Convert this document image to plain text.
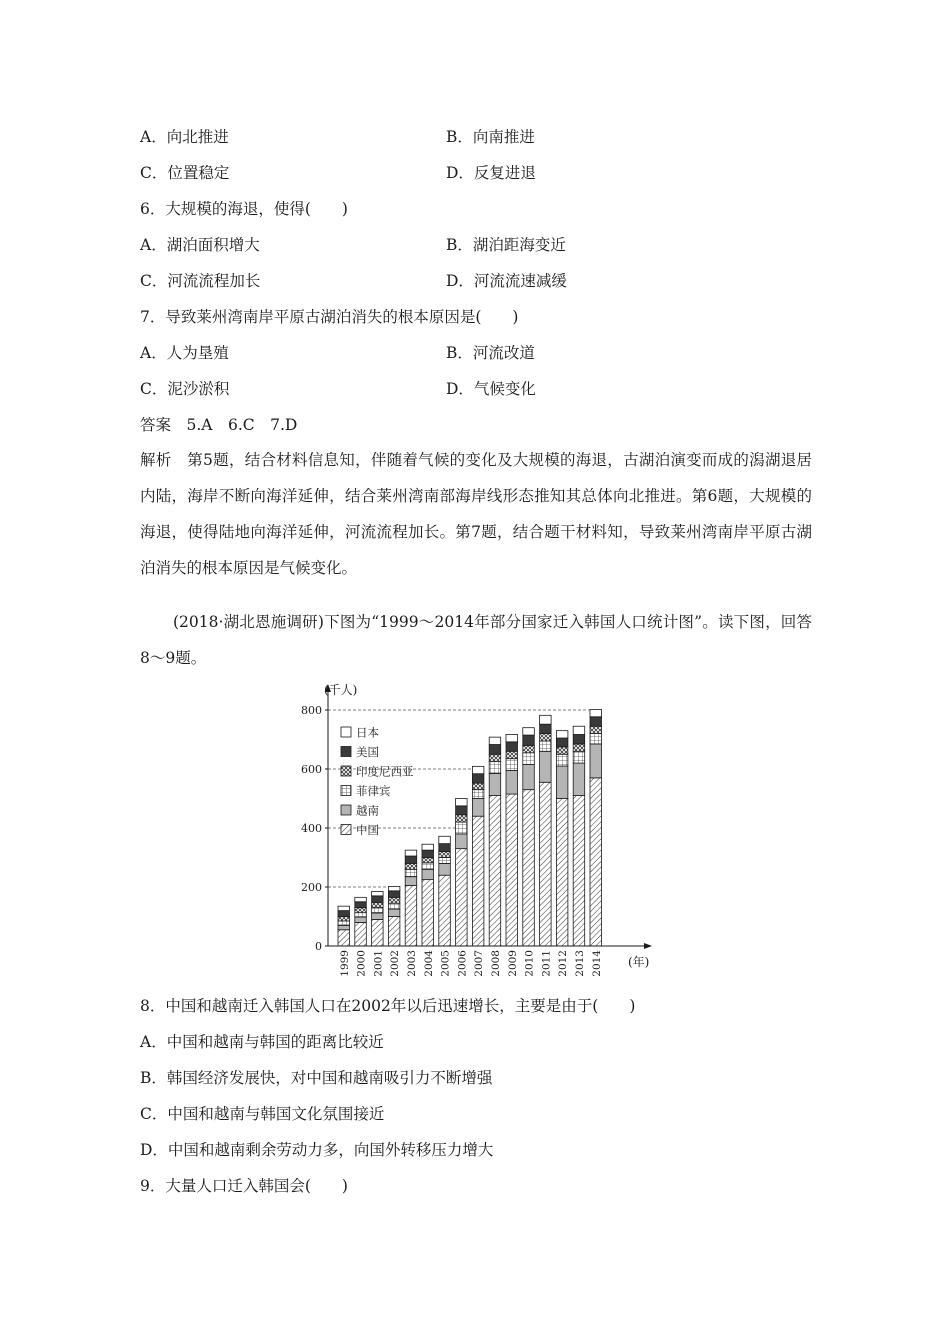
A．向北推进	B．向南推进
C．位置稳定	D．反复进退
6．大规模的海退，使得(　　)
A．湖泊面积增大	B．湖泊距海变近
C．河流流程加长	D．河流流速减缓
7．导致莱州湾南岸平原古湖泊消失的根本原因是(　　)
A．人为垦殖	B．河流改道
C．泥沙淤积	D．气候变化
答案　5.A　6.C　7.D
解析　第5题，结合材料信息知，伴随着气候的变化及大规模的海退，古湖泊演变而成的潟湖退居内陆，海岸不断向海洋延伸，结合莱州湾南部海岸线形态推知其总体向北推进。第6题，大规模的海退，使得陆地向海洋延伸，河流流程加长。第7题，结合题干材料知，导致莱州湾南岸平原古湖泊消失的根本原因是气候变化。
(2018·湖北恩施调研)下图为“1999～2014年部分国家迁入韩国人口统计图”。读下图，回答8～9题。
(千人)
(年)
0
200
400
600
800
1999 2000 2001 2002 2003 2004 2005 2006 2007 2008 2009 2010 2011 2012 2013 2014
日本
美国
印度尼西亚
菲律宾
越南
中国
8．中国和越南迁入韩国人口在2002年以后迅速增长，主要是由于(　　)
A．中国和越南与韩国的距离比较近
B．韩国经济发展快，对中国和越南吸引力不断增强
C．中国和越南与韩国文化氛围接近
D．中国和越南剩余劳动力多，向国外转移压力增大
9．大量人口迁入韩国会(　　)
